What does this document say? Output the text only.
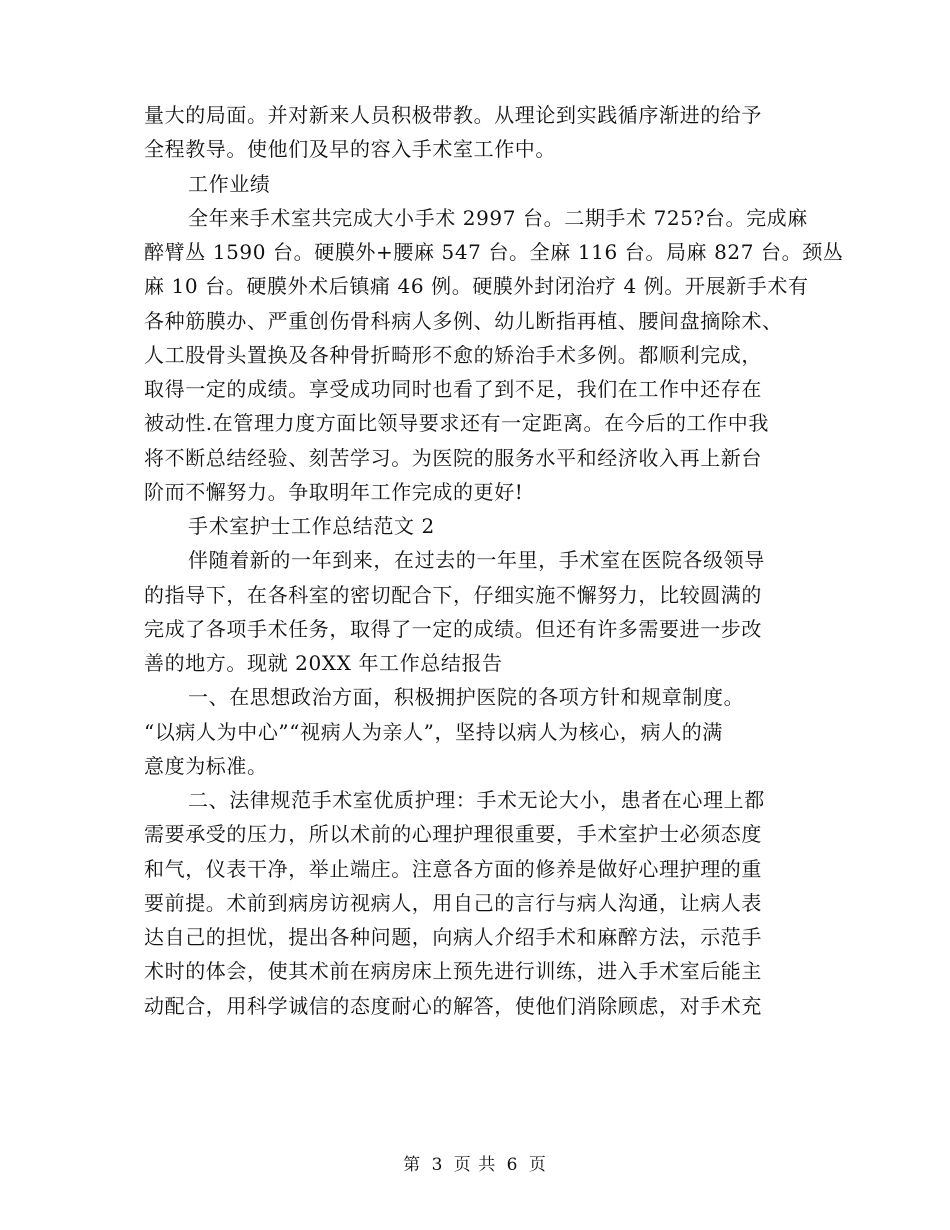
量大的局面。并对新来人员积极带教。从理论到实践循序渐进的给予
全程教导。使他们及早的容入手术室工作中。
工作业绩
全年来手术室共完成大小手术 2997 台。二期手术 725?台。完成麻
醉臂丛 1590 台。硬膜外+腰麻 547 台。全麻 116 台。局麻 827 台。颈丛
麻 10 台。硬膜外术后镇痛 46 例。硬膜外封闭治疗 4 例。开展新手术有
各种筋膜办、严重创伤骨科病人多例、幼儿断指再植、腰间盘摘除术、
人工股骨头置换及各种骨折畸形不愈的矫治手术多例。都顺利完成，
取得一定的成绩。享受成功同时也看了到不足，我们在工作中还存在
被动性.在管理力度方面比领导要求还有一定距离。在今后的工作中我
将不断总结经验、刻苦学习。为医院的服务水平和经济收入再上新台
阶而不懈努力。争取明年工作完成的更好!
手术室护士工作总结范文 2
伴随着新的一年到来，在过去的一年里，手术室在医院各级领导
的指导下，在各科室的密切配合下，仔细实施不懈努力，比较圆满的
完成了各项手术任务，取得了一定的成绩。但还有许多需要进一步改
善的地方。现就 20XX 年工作总结报告
一、在思想政治方面，积极拥护医院的各项方针和规章制度。
“以病人为中心”“视病人为亲人”，坚持以病人为核心，病人的满
意度为标准。
二、法律规范手术室优质护理：手术无论大小，患者在心理上都
需要承受的压力，所以术前的心理护理很重要，手术室护士必须态度
和气，仪表干净，举止端庄。注意各方面的修养是做好心理护理的重
要前提。术前到病房访视病人，用自己的言行与病人沟通，让病人表
达自己的担忧，提出各种问题，向病人介绍手术和麻醉方法，示范手
术时的体会，使其术前在病房床上预先进行训练，进入手术室后能主
动配合，用科学诚信的态度耐心的解答，使他们消除顾虑，对手术充
第 3 页 共 6 页
